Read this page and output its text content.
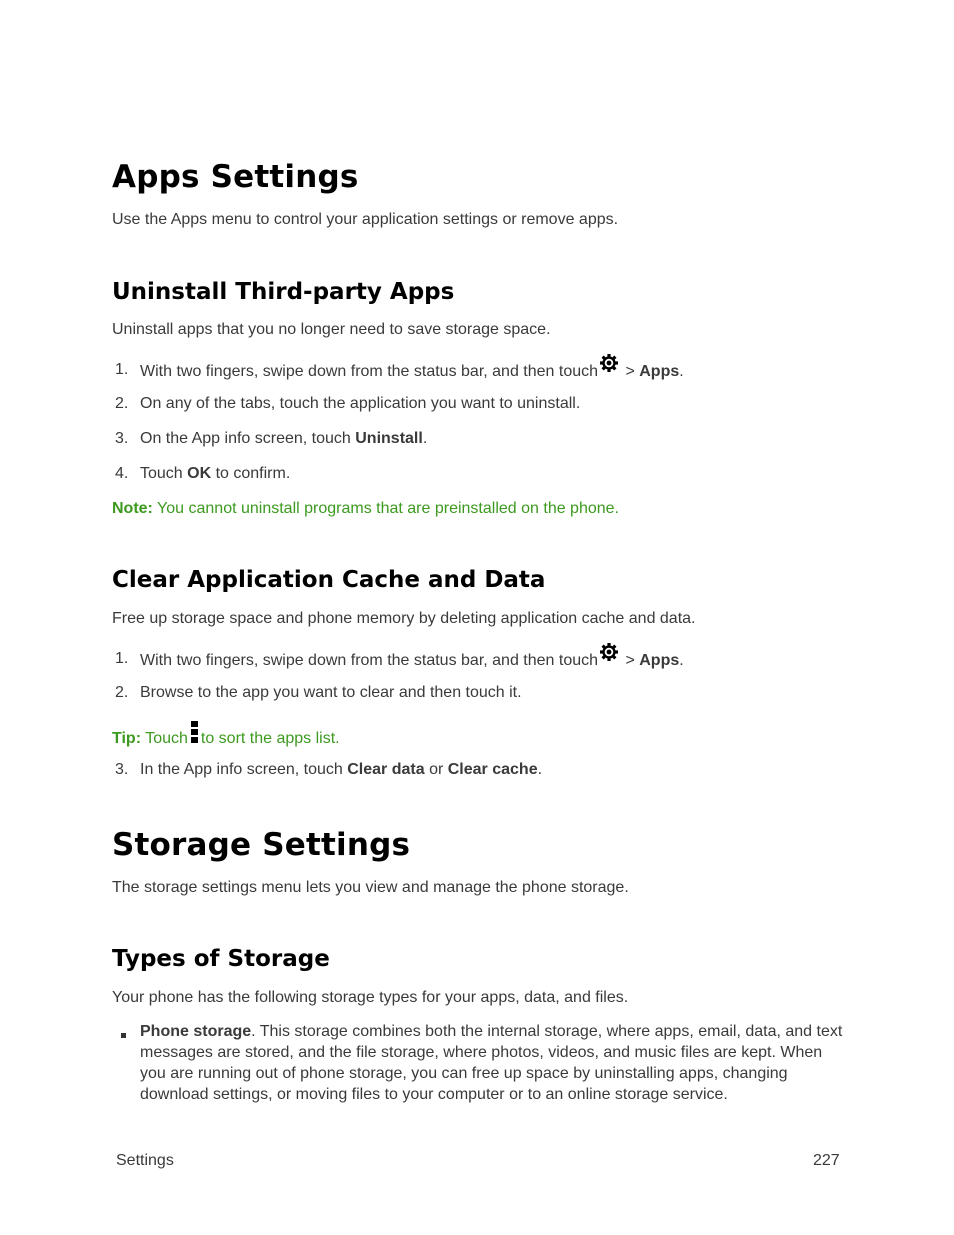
Apps Settings

Use the Apps menu to control your application settings or remove apps.

Uninstall Third-party Apps

Uninstall apps that you no longer need to save storage space.

1. With two fingers, swipe down from the status bar, and then touch > Apps.
2. On any of the tabs, touch the application you want to uninstall.
3. On the App info screen, touch Uninstall.
4. Touch OK to confirm.

Note: You cannot uninstall programs that are preinstalled on the phone.

Clear Application Cache and Data

Free up storage space and phone memory by deleting application cache and data.

1. With two fingers, swipe down from the status bar, and then touch > Apps.
2. Browse to the app you want to clear and then touch it.

Tip: Touch to sort the apps list.

3. In the App info screen, touch Clear data or Clear cache.
Storage Settings

The storage settings menu lets you view and manage the phone storage.

Types of Storage

Your phone has the following storage types for your apps, data, and files.

Phone storage. This storage combines both the internal storage, where apps, email, data, and text messages are stored, and the file storage, where photos, videos, and music files are kept. When you are running out of phone storage, you can free up space by uninstalling apps, changing download settings, or moving files to your computer or to an online storage service.
Settings	227
